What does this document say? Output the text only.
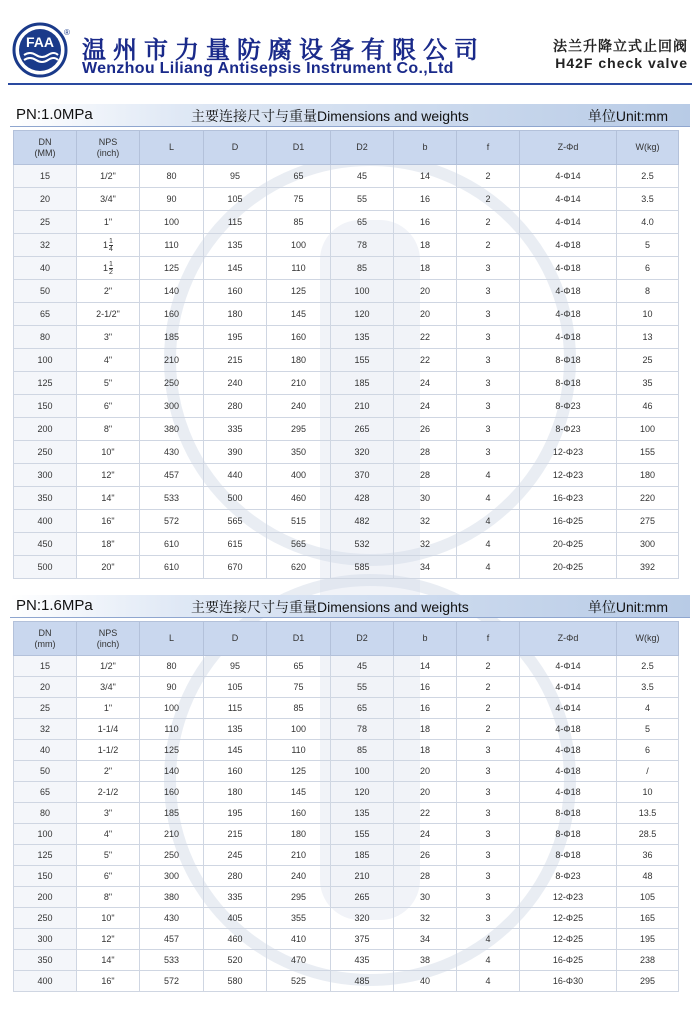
FAA
®
温州市力量防腐设备有限公司
Wenzhou Liliang Antisepsis Instrument Co.,Ltd
法兰升降立式止回阀
H42F check valve
PN:1.0MPa	主要连接尺寸与重量Dimensions and weights	单位Unit:mm
DN
(MM)	NPS
(inch)	L	D	D1	D2	b	f	Z-Φd	W(kg)
15	1/2"	80	95	65	45	14	2	4-Φ14	2.5
20	3/4"	90	105	75	55	16	2	4-Φ14	3.5
25	1"	100	115	85	65	16	2	4-Φ14	4.0
32	$1 \frac{1}{4}$	110	135	100	78	18	2	4-Φ18	5
40	$1 \frac{1}{2}$	125	145	110	85	18	3	4-Φ18	6
50	2"	140	160	125	100	20	3	4-Φ18	8
65	2-1/2"	160	180	145	120	20	3	4-Φ18	10
80	3"	185	195	160	135	22	3	4-Φ18	13
100	4"	210	215	180	155	22	3	8-Φ18	25
125	5"	250	240	210	185	24	3	8-Φ18	35
150	6"	300	280	240	210	24	3	8-Φ23	46
200	8"	380	335	295	265	26	3	8-Φ23	100
250	10"	430	390	350	320	28	3	12-Φ23	155
300	12"	457	440	400	370	28	4	12-Φ23	180
350	14"	533	500	460	428	30	4	16-Φ23	220
400	16"	572	565	515	482	32	4	16-Φ25	275
450	18"	610	615	565	532	32	4	20-Φ25	300
500	20"	610	670	620	585	34	4	20-Φ25	392
PN:1.6MPa	主要连接尺寸与重量Dimensions and weights	单位Unit:mm
DN
(mm)	NPS
(inch)	L	D	D1	D2	b	f	Z-Φd	W(kg)
15	1/2"	80	95	65	45	14	2	4-Φ14	2.5
20	3/4"	90	105	75	55	16	2	4-Φ14	3.5
25	1"	100	115	85	65	16	2	4-Φ14	4
32	1-1/4	110	135	100	78	18	2	4-Φ18	5
40	1-1/2	125	145	110	85	18	3	4-Φ18	6
50	2"	140	160	125	100	20	3	4-Φ18	/
65	2-1/2	160	180	145	120	20	3	4-Φ18	10
80	3"	185	195	160	135	22	3	8-Φ18	13.5
100	4"	210	215	180	155	24	3	8-Φ18	28.5
125	5"	250	245	210	185	26	3	8-Φ18	36
150	6"	300	280	240	210	28	3	8-Φ23	48
200	8"	380	335	295	265	30	3	12-Φ23	105
250	10"	430	405	355	320	32	3	12-Φ25	165
300	12"	457	460	410	375	34	4	12-Φ25	195
350	14"	533	520	470	435	38	4	16-Φ25	238
400	16"	572	580	525	485	40	4	16-Φ30	295
